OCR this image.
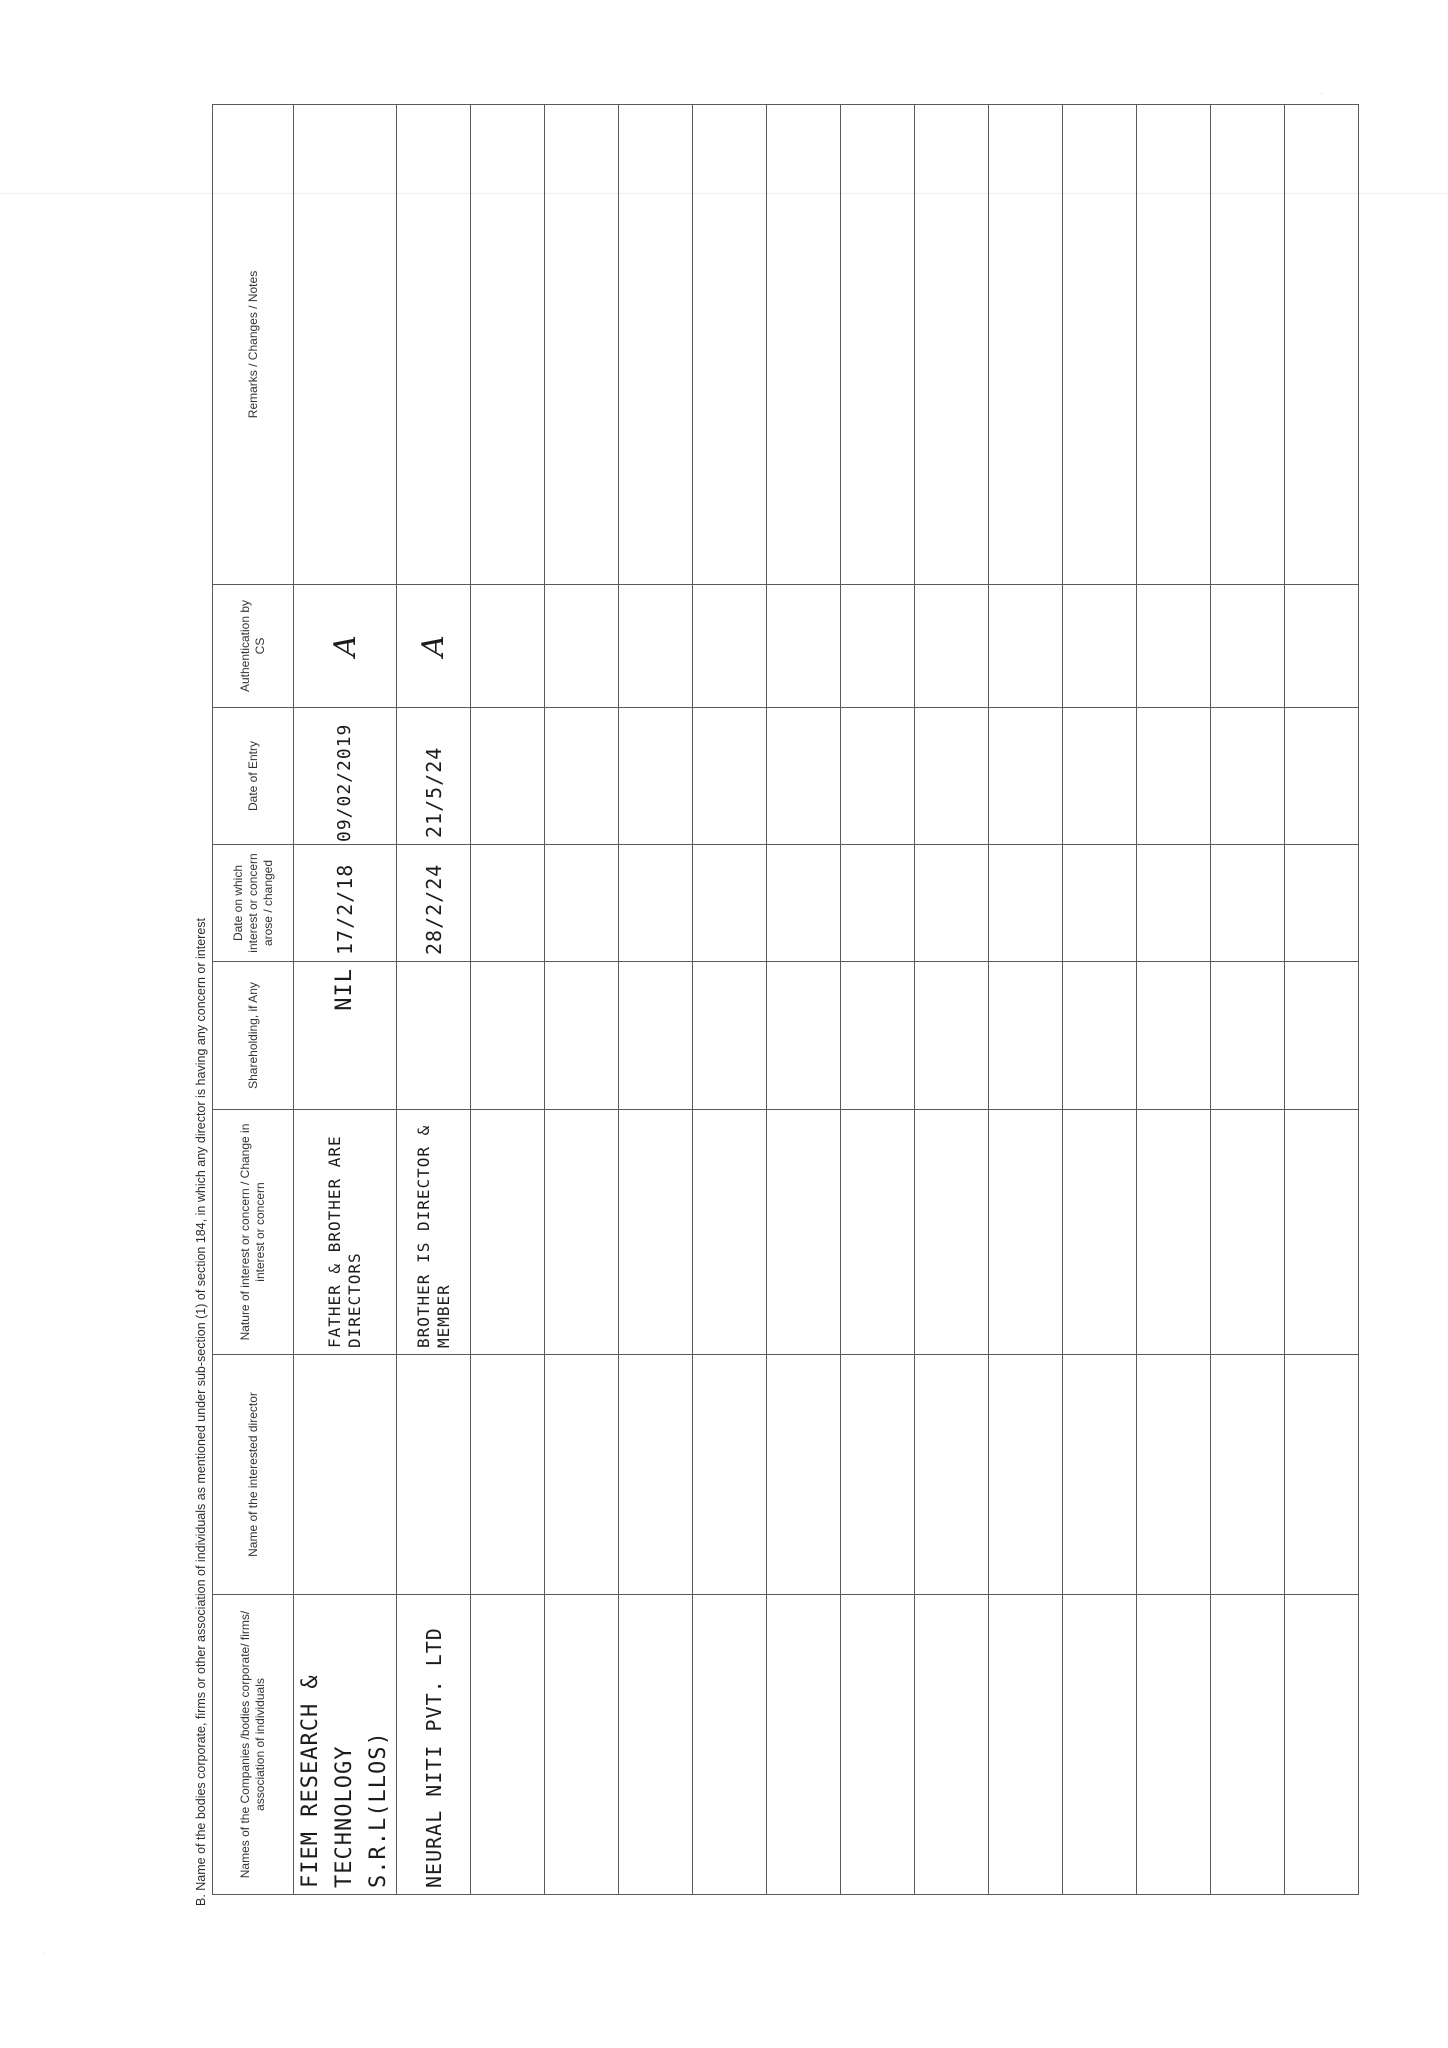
B. Name of the bodies corporate, firms or other association of individuals as mentioned under sub-section (1) of section 184, in which any director is having any concern or interest	Names of the Companies /bodies corporate/ firms/ association of individuals	Name of the interested director	Nature of interest or concern / Change in interest or concern	Shareholding, if Any	Date on which interest or concern arose / changed	Date of Entry	Authentication by CS	Remarks / Changes / Notes
FIEM RESEARCH & TECHNOLOGY S.R.L(LLOS)		FATHER & BROTHER ARE DIRECTORS	NIL	17/2/18	09/02/2019	A	
NEURAL NITI PVT. LTD		BROTHER IS DIRECTOR & MEMBER		28/2/24	21/5/24	A	

·
·
